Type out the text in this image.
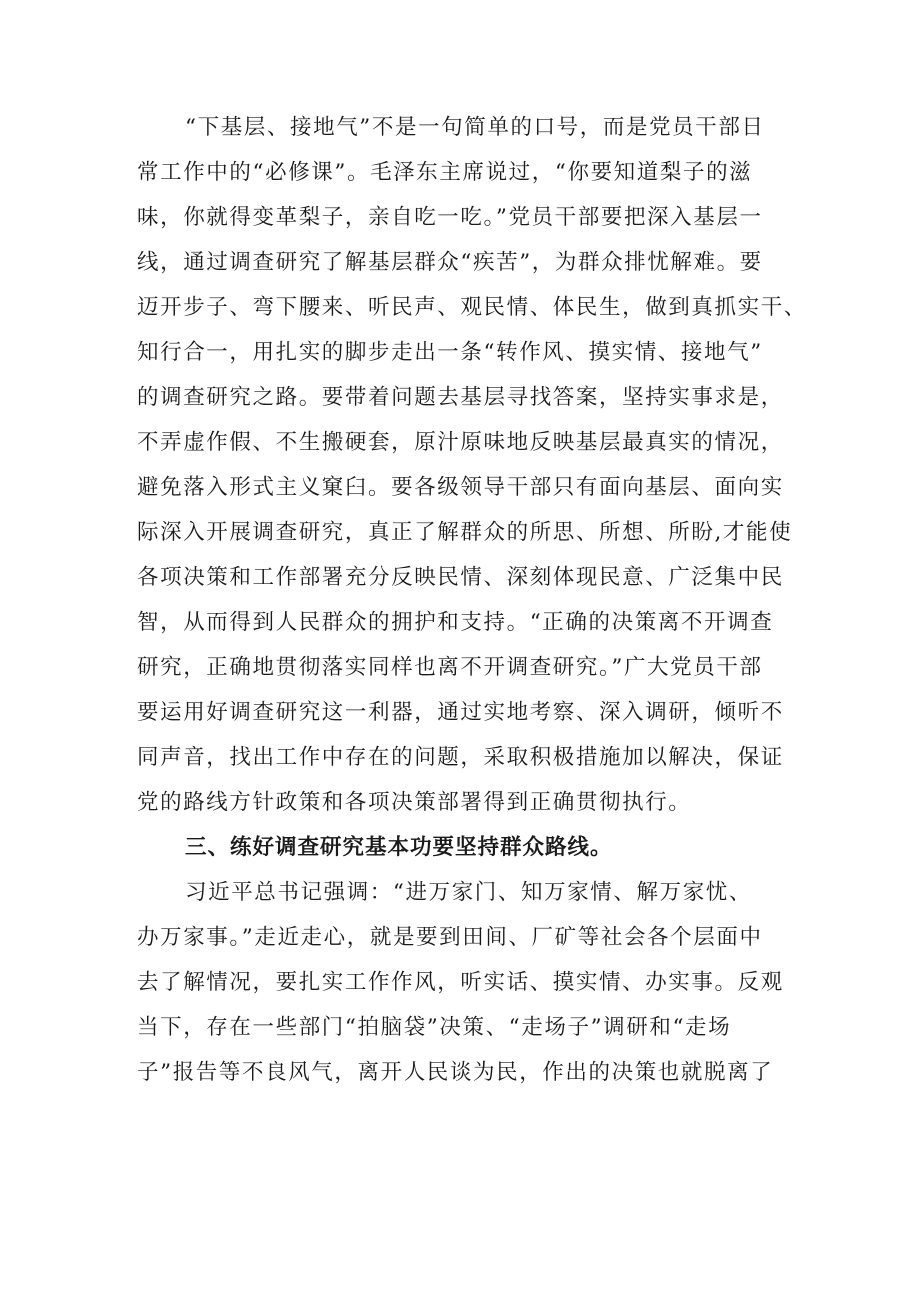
“下基层、接地气”不是一句简单的口号，而是党员干部日
常工作中的“必修课”。毛泽东主席说过，“你要知道梨子的滋
味，你就得变革梨子，亲自吃一吃。”党员干部要把深入基层一
线，通过调查研究了解基层群众“疾苦”，为群众排忧解难。要
迈开步子、弯下腰来、听民声、观民情、体民生，做到真抓实干、
知行合一，用扎实的脚步走出一条“转作风、摸实情、接地气”
的调查研究之路。要带着问题去基层寻找答案，坚持实事求是，
不弄虚作假、不生搬硬套，原汁原味地反映基层最真实的情况，
避免落入形式主义窠臼。要各级领导干部只有面向基层、面向实
际深入开展调查研究，真正了解群众的所思、所想、所盼,才能使
各项决策和工作部署充分反映民情、深刻体现民意、广泛集中民
智，从而得到人民群众的拥护和支持。“正确的决策离不开调查
研究，正确地贯彻落实同样也离不开调查研究。”广大党员干部
要运用好调查研究这一利器，通过实地考察、深入调研，倾听不
同声音，找出工作中存在的问题，采取积极措施加以解决，保证
党的路线方针政策和各项决策部署得到正确贯彻执行。
三、练好调查研究基本功要坚持群众路线。
习近平总书记强调：“进万家门、知万家情、解万家忧、
办万家事。”走近走心，就是要到田间、厂矿等社会各个层面中
去了解情况，要扎实工作作风，听实话、摸实情、办实事。反观
当下，存在一些部门“拍脑袋”决策、“走场子”调研和“走场
子”报告等不良风气，离开人民谈为民，作出的决策也就脱离了
